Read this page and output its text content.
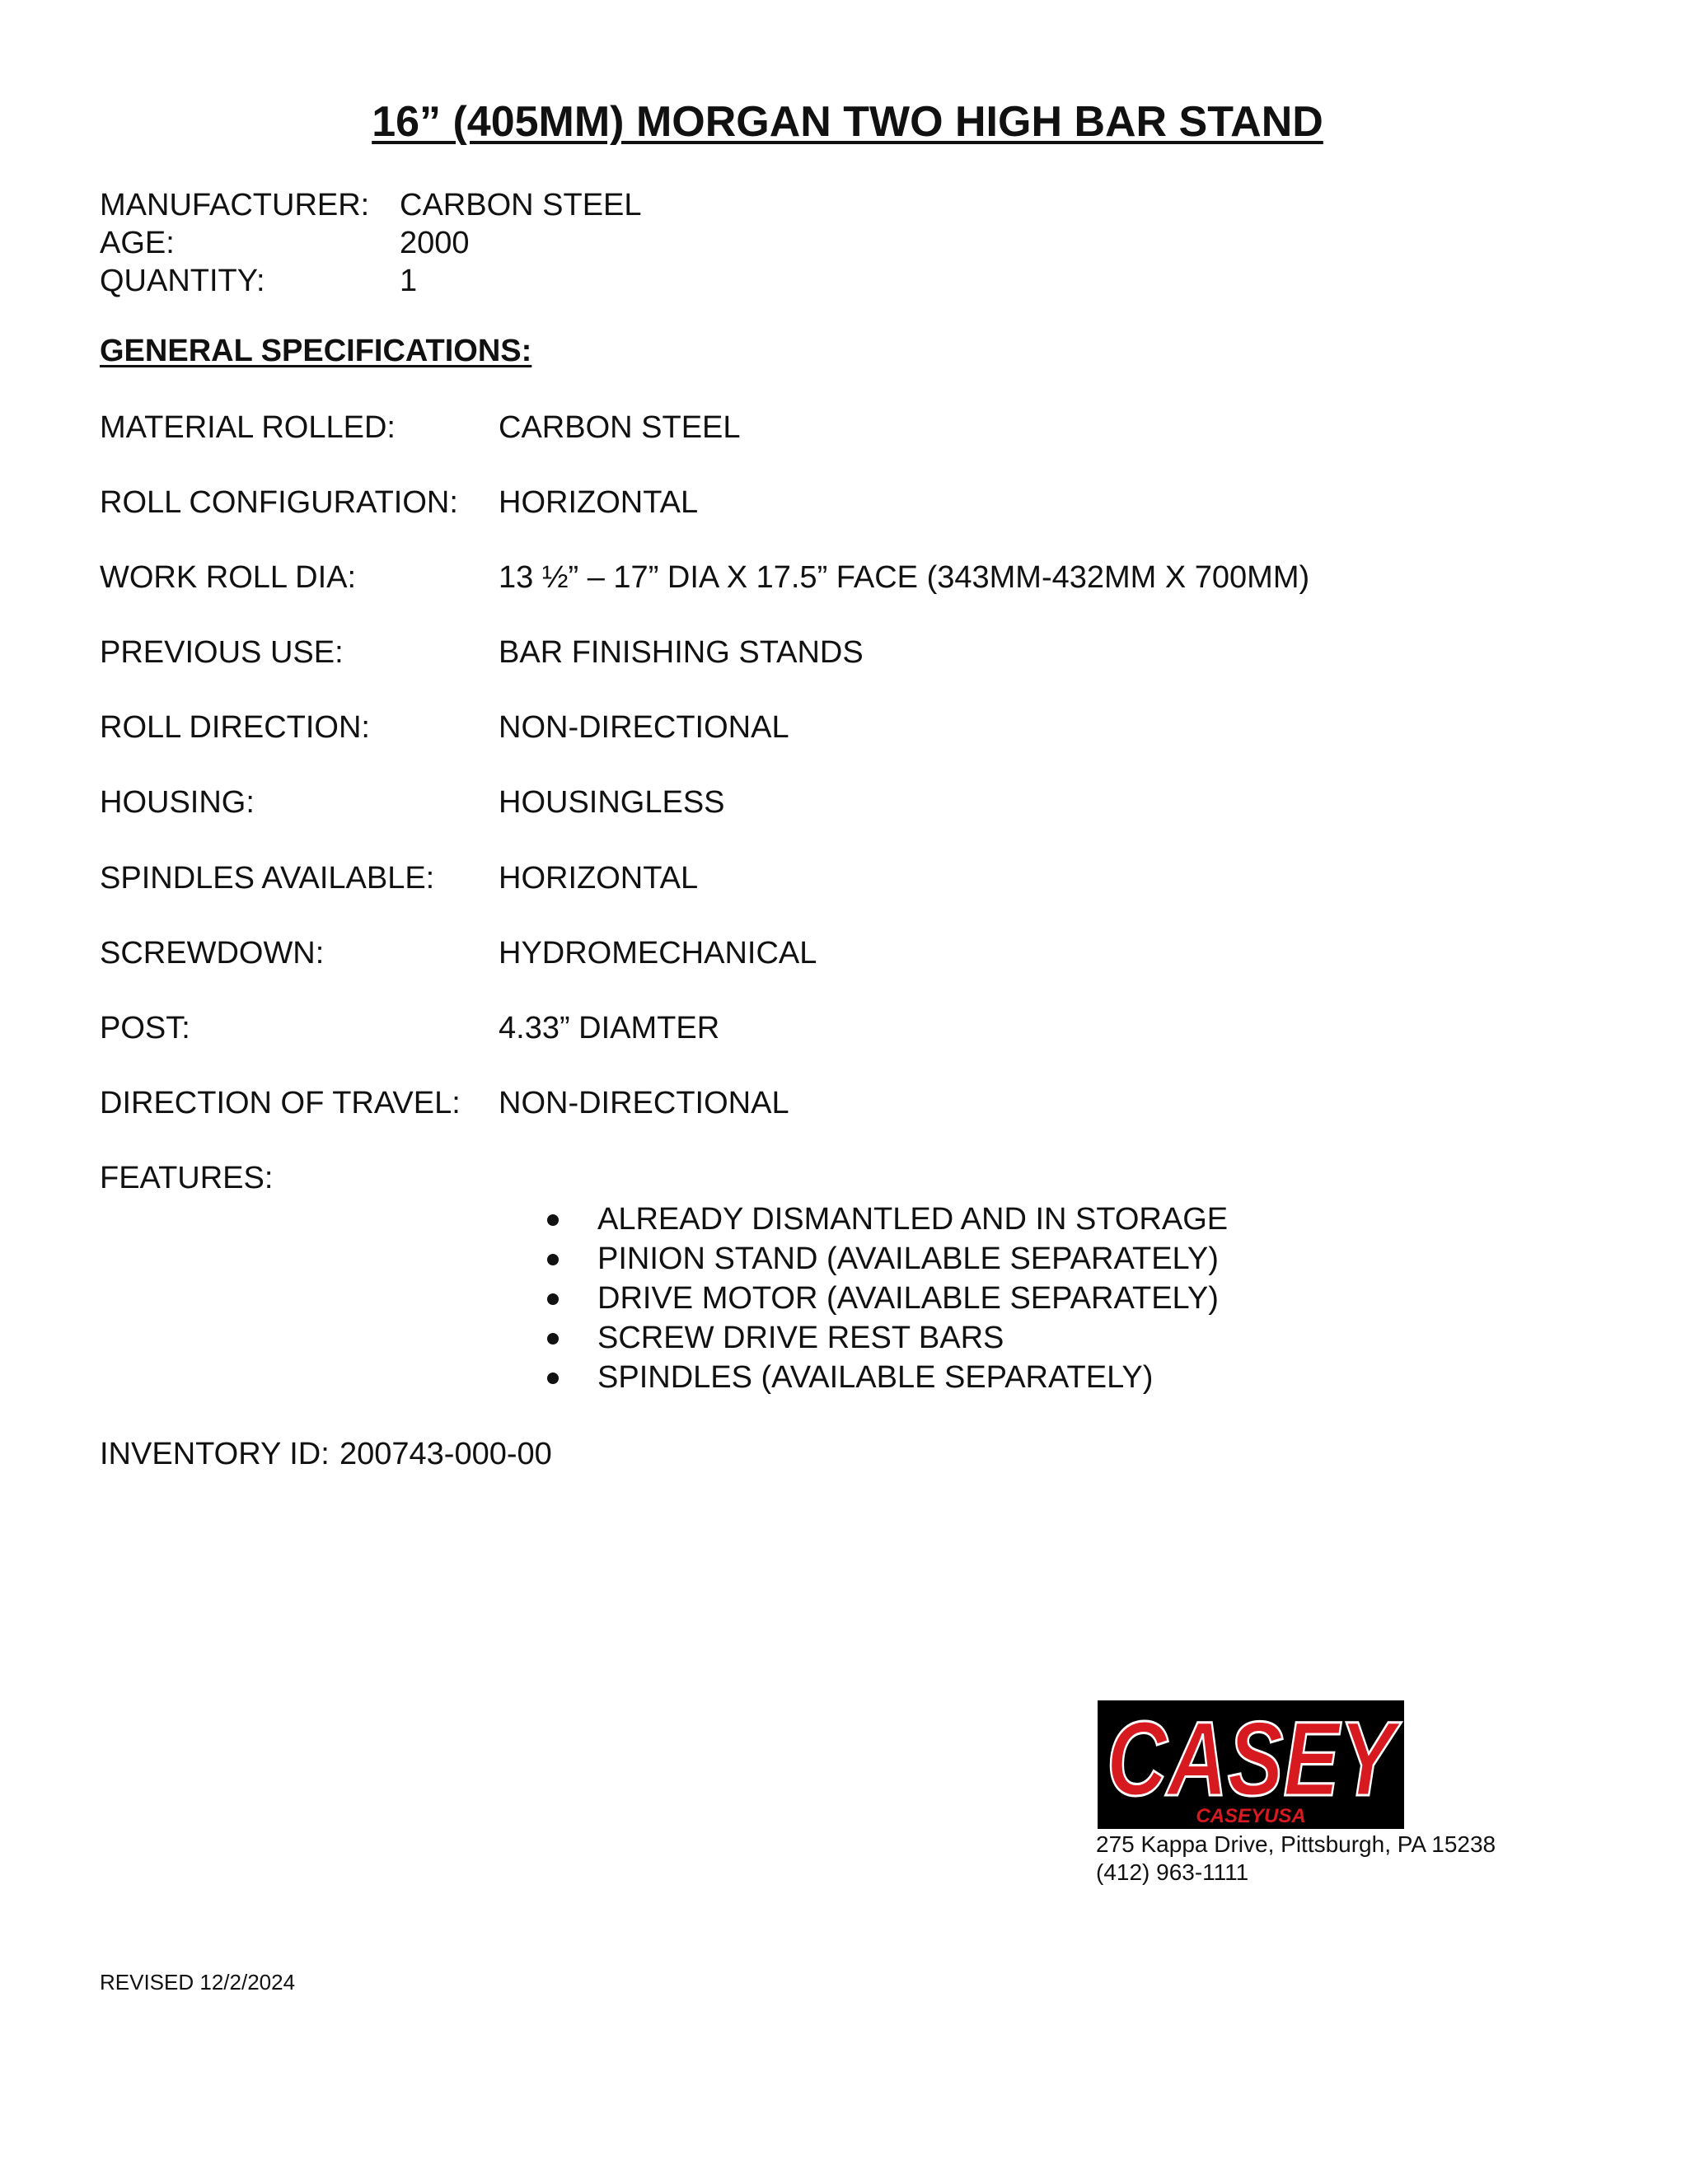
16” (405MM) MORGAN TWO HIGH BAR STAND
MANUFACTURER: CARBON STEEL
AGE:	2000
QUANTITY:	1
GENERAL SPECIFICATIONS:
MATERIAL ROLLED:	CARBON STEEL
ROLL CONFIGURATION: HORIZONTAL
WORK ROLL DIA:	13 ½” – 17” DIA X 17.5” FACE (343MM-432MM X 700MM)
PREVIOUS USE:	BAR FINISHING STANDS
ROLL DIRECTION:	NON-DIRECTIONAL
HOUSING:	HOUSINGLESS
SPINDLES AVAILABLE: HORIZONTAL
SCREWDOWN:	HYDROMECHANICAL
POST:	4.33” DIAMTER
DIRECTION OF TRAVEL: NON-DIRECTIONAL
FEATURES:
ALREADY DISMANTLED AND IN STORAGE
PINION STAND (AVAILABLE SEPARATELY)
DRIVE MOTOR (AVAILABLE SEPARATELY)
SCREW DRIVE REST BARS
SPINDLES (AVAILABLE SEPARATELY)
INVENTORY ID: 200743-000-00
CASEY
CASEYUSA
275 Kappa Drive, Pittsburgh, PA 15238
(412) 963-1111
REVISED 12/2/2024
